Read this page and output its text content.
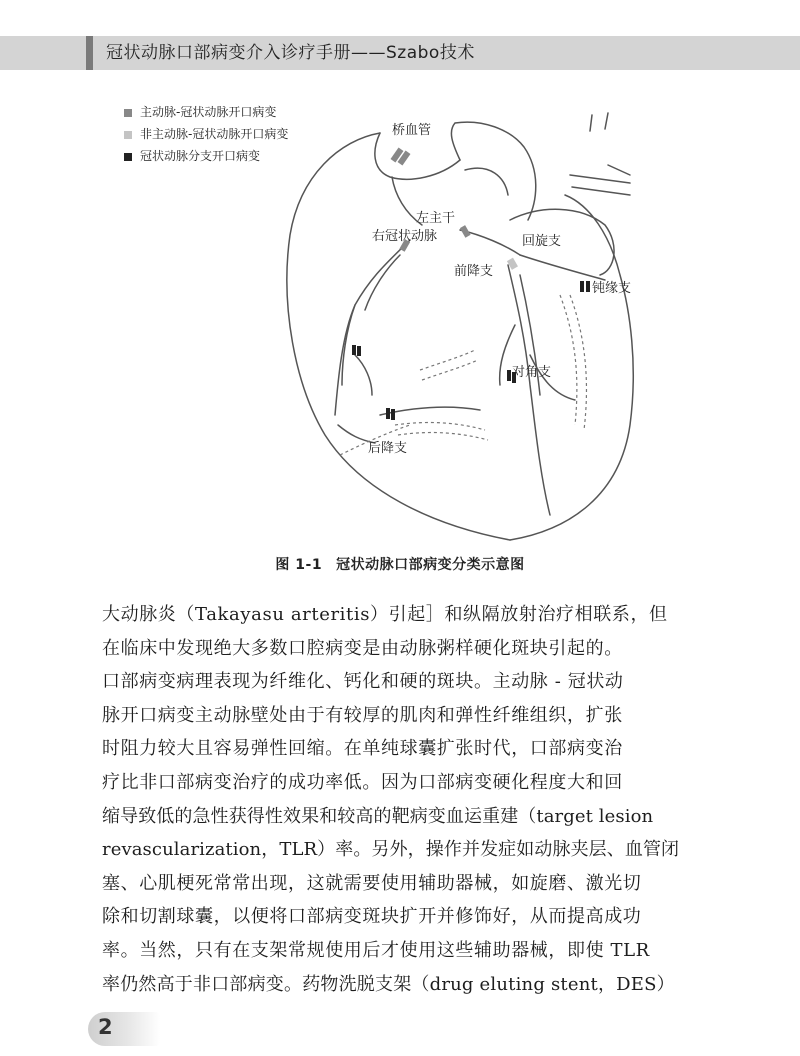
冠状动脉口部病变介入诊疗手册——Szabo技术
主动脉-冠状动脉开口病变
非主动脉-冠状动脉开口病变
冠状动脉分支开口病变
桥血管
左主干
右冠状动脉	回旋支
前降支
钝缘支
对角支
后降支
图 1-1 冠状动脉口部病变分类示意图

大动脉炎（Takayasu arteritis）引起］和纵隔放射治疗相联系，但

在临床中发现绝大多数口腔病变是由动脉粥样硬化斑块引起的。

口部病变病理表现为纤维化、钙化和硬的斑块。主动脉 - 冠状动

脉开口病变主动脉壁处由于有较厚的肌肉和弹性纤维组织，扩张

时阻力较大且容易弹性回缩。在单纯球囊扩张时代，口部病变治

疗比非口部病变治疗的成功率低。因为口部病变硬化程度大和回

缩导致低的急性获得性效果和较高的靶病变血运重建（target lesion

revascularization，TLR）率。另外，操作并发症如动脉夹层、血管闭

塞、心肌梗死常常出现，这就需要使用辅助器械，如旋磨、激光切

除和切割球囊，以便将口部病变斑块扩开并修饰好，从而提高成功

率。当然，只有在支架常规使用后才使用这些辅助器械，即使 TLR

率仍然高于非口部病变。药物洗脱支架（drug eluting stent，DES）

2
